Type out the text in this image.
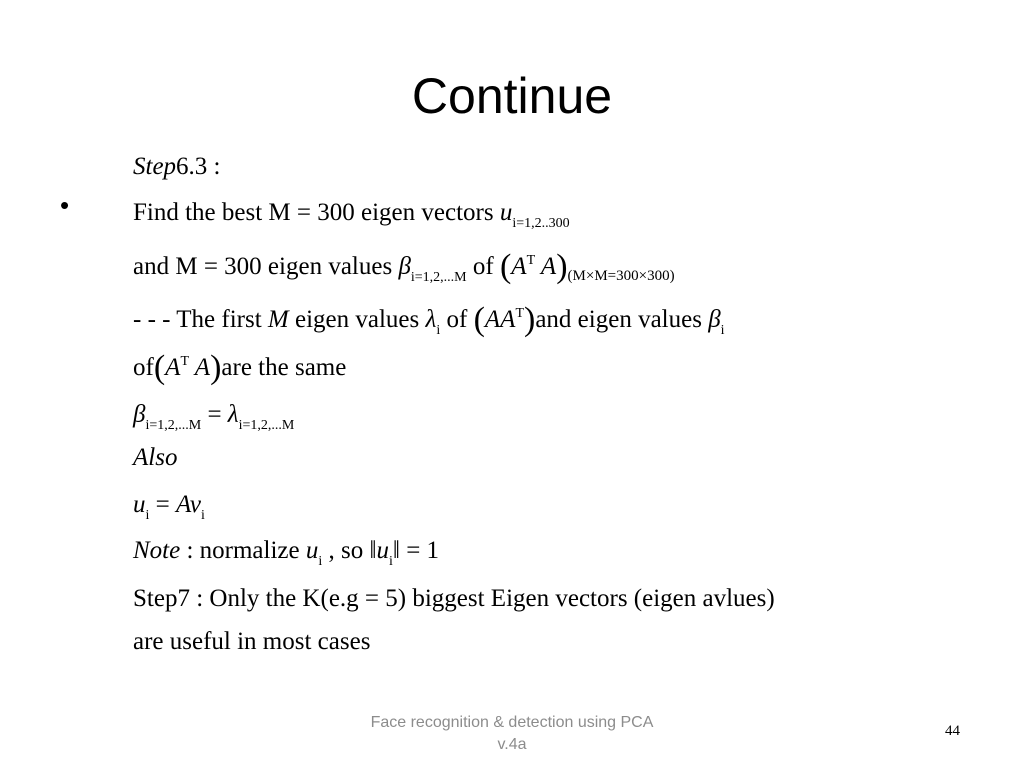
Continue
•
Step6.3 :
Find the best M = 300 eigen vectors $u_{i=1,2..300}$
and M = 300 eigen values $\beta_{i=1,2,...M}$ of ($A^T$ $A)_{(M\times M=300\times 300)}$
- - - The first M eigen values $\lambda_i$ of $(AA^T)and$ eigen values $\beta_i$
$of(A^T$ A)are the same
$\beta_{i=1,2,...M} = \lambda_{i=1,2,...M}$
Also
$u_i = Av_i$
Note : normalize $u_i$ , so $‖u_i‖ = 1$
Step7 : Only the K(e.g = 5) biggest Eigen vectors (eigen avlues)
are useful in most cases
Face recognition & detection using PCA
v.4a
44
